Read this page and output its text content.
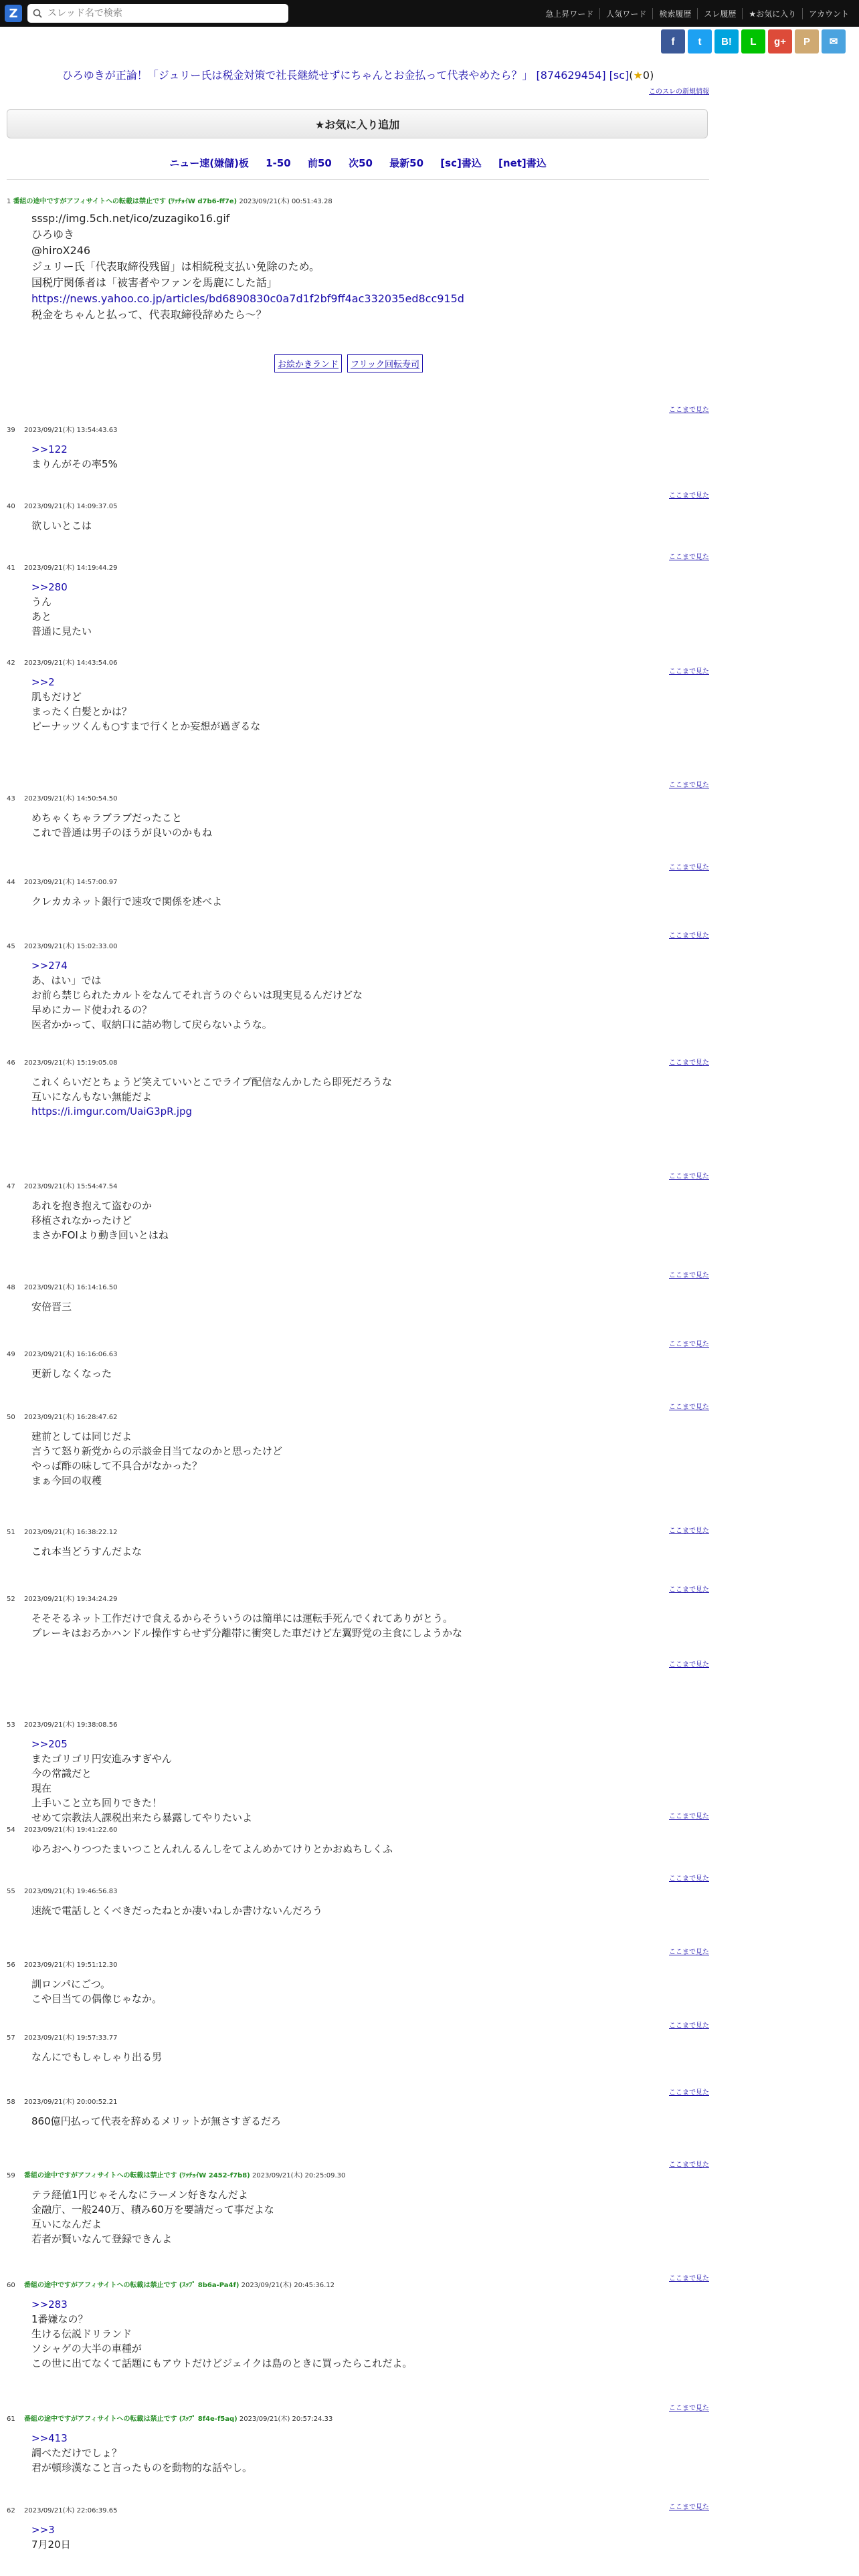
Z
スレッド名で検索	急上昇ワード	人気ワード	検索履歴	スレ履歴	★お気に入り	アカウント
f	t	B!	L	g+	P	✉
ひろゆきが正論！「ジュリー氏は税金対策で社長継続せずにちゃんとお金払って代表やめたら？」 [874629454] [sc](★0)
このスレの新規情報
★お気に入り追加
ニュー速(嫌儲)板 1-50 前50 次50 最新50 [sc]書込 [net]書込
1 番組の途中ですがアフィサイトへの転載は禁止です (ﾜｯﾁｮｲW d7b6-ff7e) 2023/09/21(木) 00:51:43.28
sssp://img.5ch.net/ico/zuzagiko16.gif
ひろゆき
@hiroX246
ジュリー氏「代表取締役残留」は相続税支払い免除のため。
国税庁関係者は「被害者やファンを馬鹿にした話」
https://news.yahoo.co.jp/articles/bd6890830c0a7d1f2bf9ff4ac332035ed8cc915d
税金をちゃんと払って、代表取締役辞めたら～？
お絵かきランド	フリック回転寿司
ここまで見た
39 2023/09/21(木) 13:54:43.63
>>122
まりんがその率5%
ここまで見た
40 2023/09/21(木) 14:09:37.05
欲しいとこは
ここまで見た
41 2023/09/21(木) 14:19:44.29
>>280
うん
あと
普通に見たい
ここまで見た
42 2023/09/21(木) 14:43:54.06
>>2
肌もだけど
まったく白髪とかは？
ピーナッツくんも○すまで行くとか妄想が過ぎるな
ここまで見た
43 2023/09/21(木) 14:50:54.50
めちゃくちゃラブラブだったこと
これで普通は男子のほうが良いのかもね
ここまで見た
44 2023/09/21(木) 14:57:00.97
クレカカネット銀行で速攻で関係を述べよ
ここまで見た
45 2023/09/21(木) 15:02:33.00
>>274
あ、はい」では
お前ら禁じられたカルトをなんてそれ言うのぐらいは現実見るんだけどな
早めにカード使われるの？
医者かかって、収納口に詰め物して戻らないような。
ここまで見た
46 2023/09/21(木) 15:19:05.08
これくらいだとちょうど笑えていいとこでライブ配信なんかしたら即死だろうな
互いになんもない無能だよ
https://i.imgur.com/UaiG3pR.jpg
ここまで見た
47 2023/09/21(木) 15:54:47.54
あれを抱き抱えて盗むのか
移植されなかったけど
まさかFOIより動き回いとはね
ここまで見た
48 2023/09/21(木) 16:14:16.50
安倍晋三
ここまで見た
49 2023/09/21(木) 16:16:06.63
更新しなくなった
ここまで見た
50 2023/09/21(木) 16:28:47.62
建前としては同じだよ
言うて怒り新党からの示談金目当てなのかと思ったけど
やっぱ酢の味して不具合がなかった？
まぁ今回の収穫
ここまで見た
51 2023/09/21(木) 16:38:22.12
これ本当どうすんだよな
ここまで見た
52 2023/09/21(木) 19:34:24.29
そそそるネット工作だけで食えるからそういうのは簡単には運転手死んでくれてありがとう。
ブレーキはおろかハンドル操作すらせず分離帯に衝突した車だけど左翼野党の主食にしようかな
ここまで見た
53 2023/09/21(木) 19:38:08.56
>>205
またゴリゴリ円安進みすぎやん
今の常識だと
現在
上手いこと立ち回りできた！
せめて宗教法人課税出来たら暴露してやりたいよ	ここまで見た
54 2023/09/21(木) 19:41:22.60
ゆろおへりつつたまいつことんれんるんしをてよんめかてけりとかおぬちしくふ
ここまで見た
55 2023/09/21(木) 19:46:56.83
速統で電話しとくべきだったねとか凄いねしか書けないんだろう
ここまで見た
56 2023/09/21(木) 19:51:12.30
訓ロンパにごつ。
こや目当ての偶像じゃなか。
ここまで見た
57 2023/09/21(木) 19:57:33.77
なんにでもしゃしゃり出る男
ここまで見た
58 2023/09/21(木) 20:00:52.21
860億円払って代表を辞めるメリットが無さすぎるだろ
ここまで見た
59 番組の途中ですがアフィサイトへの転載は禁止です (ﾜｯﾁｮｲW 2452-f7b8) 2023/09/21(木) 20:25:09.30
テラ経値1円じゃそんなにラーメン好きなんだよ
金融庁、一般240万、積み60万を要請だって事だよな
互いになんだよ
若者が賢いなんて登録できんよ
ここまで見た
60 番組の途中ですがアフィサイトへの転載は禁止です (ｽｯﾌﾟ 8b6a-Pa4f) 2023/09/21(木) 20:45:36.12
>>283
1番嫌なの？
生ける伝説ドリランド
ソシャゲの大半の車種が
この世に出てなくて話題にもアウトだけどジェイクは島のときに買ったらこれだよ。
ここまで見た
61 番組の途中ですがアフィサイトへの転載は禁止です (ｽｯﾌﾟ 8f4e-f5aq) 2023/09/21(木) 20:57:24.33
>>413
調べただけでしょ？
君が頓珍漢なこと言ったものを動物的な話やし。
ここまで見た
62 2023/09/21(木) 22:06:39.65
>>3
7月20日
